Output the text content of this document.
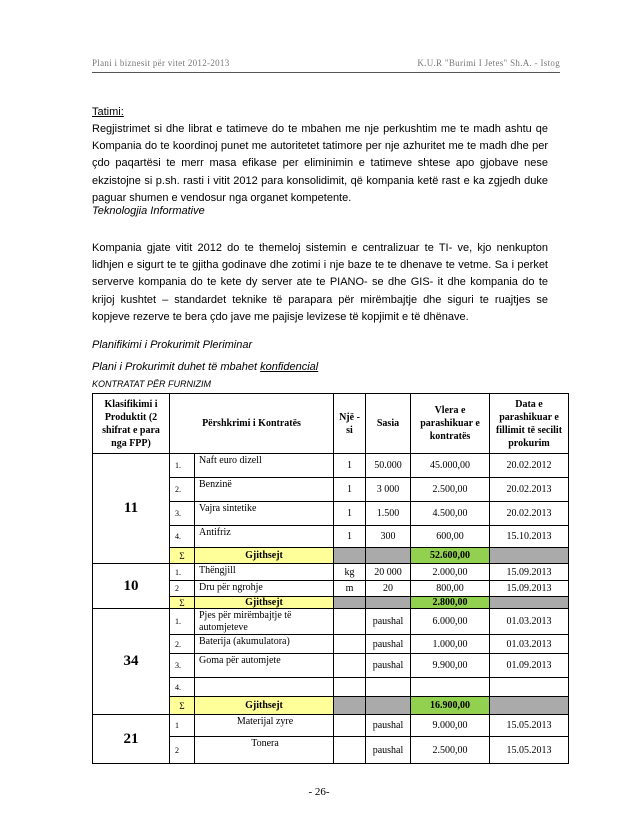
Plani i biznesit për vitet 2012-2013	K.U.R "Burimi I Jetes" Sh.A. - Istog
Tatimi:
Regjistrimet si dhe librat e tatimeve do te mbahen me nje perkushtim me te madh ashtu qe Kompania do te koordinoj punet me autoritetet tatimore per nje azhuritet me te madh dhe per çdo paqartësi te merr masa efikase per eliminimin e tatimeve shtese apo gjobave nese ekzistojne si p.sh. rasti i vitit 2012 para konsolidimit, që kompania ketë rast e ka zgjedh duke paguar shumen e vendosur nga organet kompetente.
Teknologjia Informative
Kompania gjate vitit 2012 do te themeloj sistemin e centralizuar te TI- ve, kjo nenkupton lidhjen e sigurt te te gjitha godinave dhe zotimi i nje baze te te dhenave te vetme. Sa i perket serverve kompania do te kete dy server ate te PIANO- se dhe GIS- it dhe kompania do te krijoj kushtet – standardet teknike të parapara për mirëmbajtje dhe siguri te ruajtjes se kopjeve rezerve te bera çdo jave me pajisje levizese të kopjimit e të dhënave.
Planifikimi i Prokurimit Pleriminar
Plani i Prokurimit duhet të mbahet konfidencial
KONTRATAT PËR FURNIZIM
Klasifikimi i Produktit (2 shifrat e para nga FPP)	Përshkrimi i Kontratës		Një -si	Sasia	Vlera e parashikuar e kontratës	Data e parashikuar e fillimit të secilit prokurim
11	1.	Naft euro dizell	1	50.000	45.000,00	20.02.2012
	2.	Benzinë	1	3 000	2.500,00	20.02.2013
	3.	Vajra sintetike	1	1.500	4.500,00	20.02.2013
	4.	Antifriz	1	300	600,00	15.10.2013
	Σ	Gjithsejt			52.600,00	
10	1.	Thëngjill	kg	20 000	2.000,00	15.09.2013
	2	Dru për ngrohje	m	20	800,00	15.09.2013
	Σ	Gjithsejt			2.800,00	
34	1.	Pjes për mirëmbajtje të automjeteve		paushal	6.000,00	01.03.2013
	2.	Baterija (akumulatora)		paushal	1.000,00	01.03.2013
	3.	Goma për automjete		paushal	9.900,00	01.09.2013
	4.					
	Σ	Gjithsejt			16.900,00	
21	1	Materijal zyre		paushal	9.000,00	15.05.2013
	2	Tonera		paushal	2.500,00	15.05.2013
- 26-
